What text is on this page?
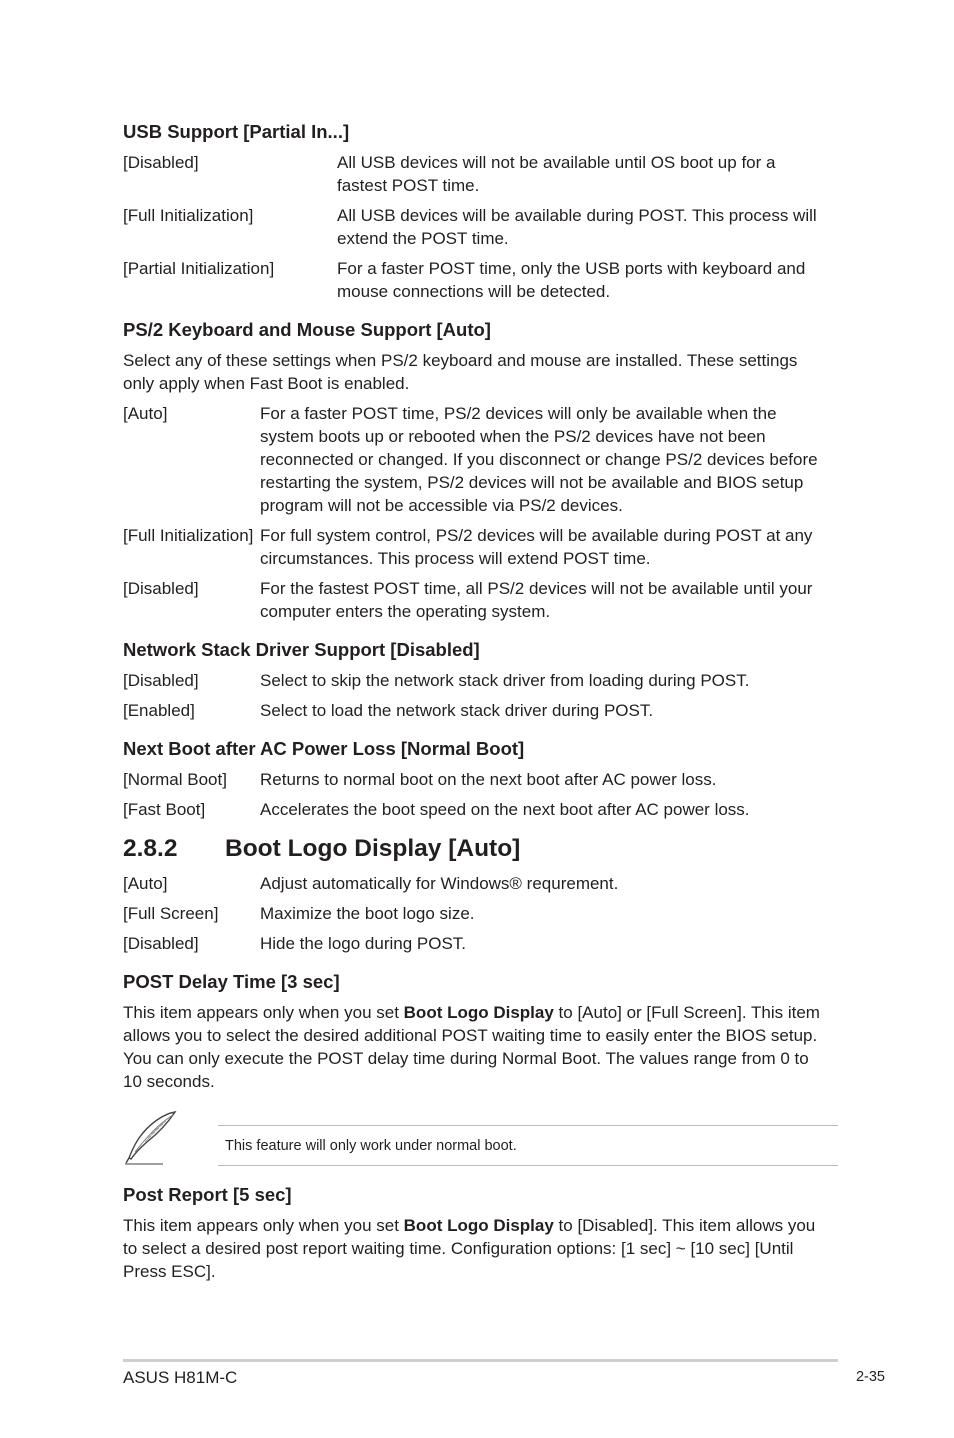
USB Support [Partial In...]
[Disabled]	All USB devices will not be available until OS boot up for a
fastest POST time.
[Full Initialization]	All USB devices will be available during POST. This process will
extend the POST time.
[Partial Initialization]	For a faster POST time, only the USB ports with keyboard and
mouse connections will be detected.
PS/2 Keyboard and Mouse Support [Auto]

Select any of these settings when PS/2 keyboard and mouse are installed. These settings
only apply when Fast Boot is enabled.

[Auto]	For a faster POST time, PS/2 devices will only be available when the
system boots up or rebooted when the PS/2 devices have not been
reconnected or changed. If you disconnect or change PS/2 devices before
restarting the system, PS/2 devices will not be available and BIOS setup
program will not be accessible via PS/2 devices.
[Full Initialization] For full system control, PS/2 devices will be available during POST at any
circumstances. This process will extend POST time.
[Disabled]	For the fastest POST time, all PS/2 devices will not be available until your
computer enters the operating system.
Network Stack Driver Support [Disabled]
[Disabled]	Select to skip the network stack driver from loading during POST.
[Enabled]	Select to load the network stack driver during POST.
Next Boot after AC Power Loss [Normal Boot]
[Normal Boot]	Returns to normal boot on the next boot after AC power loss.
[Fast Boot]	Accelerates the boot speed on the next boot after AC power loss.
2.8.2 Boot Logo Display [Auto]
[Auto]	Adjust automatically for Windows® requrement.
[Full Screen]	Maximize the boot logo size.
[Disabled]	Hide the logo during POST.
POST Delay Time [3 sec]

This item appears only when you set Boot Logo Display to [Auto] or [Full Screen]. This item
allows you to select the desired additional POST waiting time to easily enter the BIOS setup.
You can only execute the POST delay time during Normal Boot. The values range from 0 to
10 seconds.

This feature will only work under normal boot.
Post Report [5 sec]

This item appears only when you set Boot Logo Display to [Disabled]. This item allows you
to select a desired post report waiting time. Configuration options: [1 sec] ~ [10 sec] [Until
Press ESC].

ASUS H81M-C	2-35
